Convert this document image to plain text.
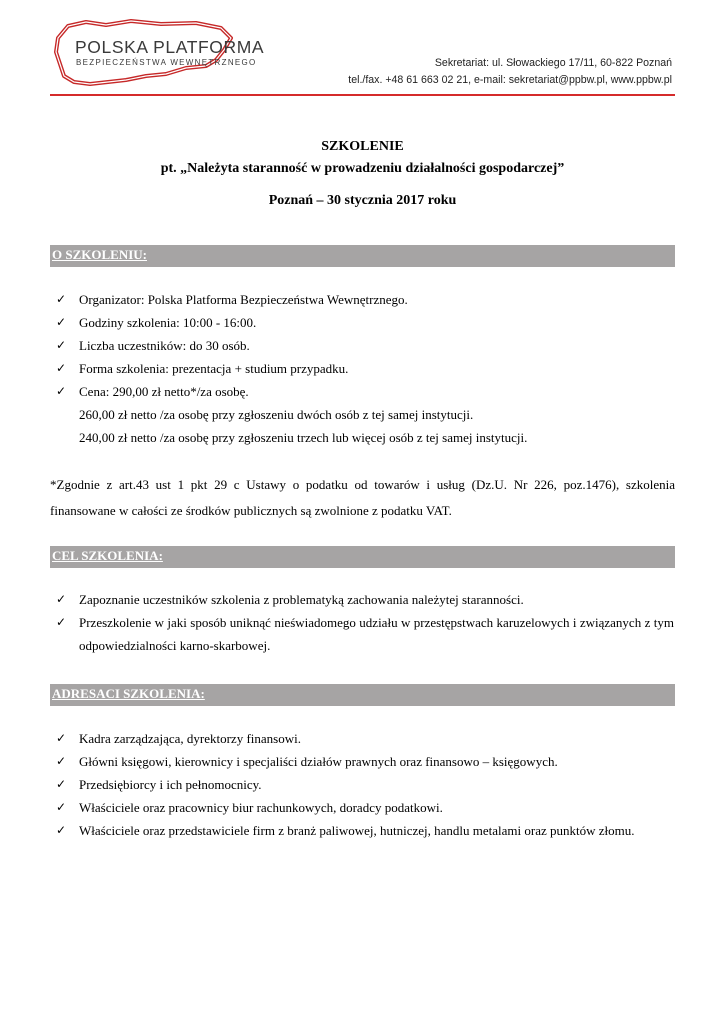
POLSKA PLATFORMA
BEZPIECZEŃSTWA WEWNĘTRZNEGO	Sekretariat: ul. Słowackiego 17/11, 60-822 Poznań
tel./fax. +48 61 663 02 21, e-mail: sekretariat@ppbw.pl, www.ppbw.pl
SZKOLENIE
pt. „Należyta staranność w prowadzeniu działalności gospodarczej”
Poznań – 30 stycznia 2017 roku
O SZKOLENIU:
✓ Organizator: Polska Platforma Bezpieczeństwa Wewnętrznego.
✓ Godziny szkolenia: 10:00 - 16:00.
✓ Liczba uczestników: do 30 osób.
✓ Forma szkolenia: prezentacja + studium przypadku.
✓ Cena: 290,00 zł netto*/za osobę.
260,00 zł netto /za osobę przy zgłoszeniu dwóch osób z tej samej instytucji.
240,00 zł netto /za osobę przy zgłoszeniu trzech lub więcej osób z tej samej instytucji.
*Zgodnie z art.43 ust 1 pkt 29 c Ustawy o podatku od towarów i usług (Dz.U. Nr 226, poz.1476), szkolenia finansowane w całości ze środków publicznych są zwolnione z podatku VAT.
CEL SZKOLENIA:
✓ Zapoznanie uczestników szkolenia z problematyką zachowania należytej staranności.
✓ Przeszkolenie w jaki sposób uniknąć nieświadomego udziału w przestępstwach karuzelowych i związanych z tym odpowiedzialności karno-skarbowej.
ADRESACI SZKOLENIA:
✓ Kadra zarządzająca, dyrektorzy finansowi.
✓ Główni księgowi, kierownicy i specjaliści działów prawnych oraz finansowo – księgowych.
✓ Przedsiębiorcy i ich pełnomocnicy.
✓ Właściciele oraz pracownicy biur rachunkowych, doradcy podatkowi.
✓ Właściciele oraz przedstawiciele firm z branż paliwowej, hutniczej, handlu metalami oraz punktów złomu.
